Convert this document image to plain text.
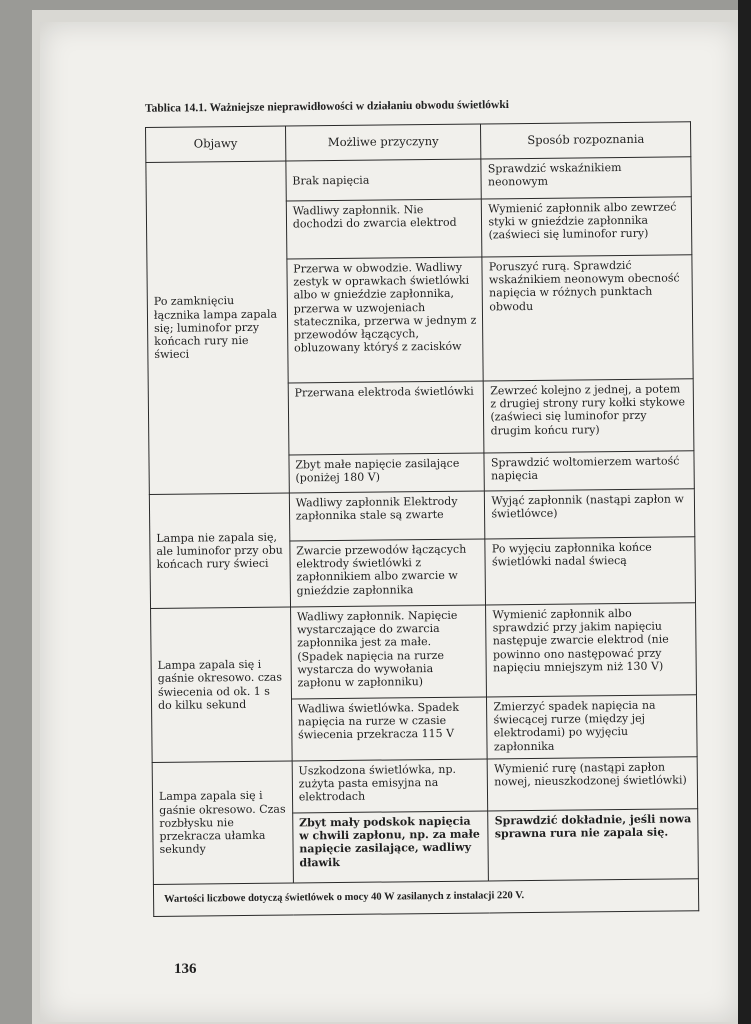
Tablica 14.1. Ważniejsze nieprawidłowości w działaniu obwodu świetlówki
Objawy	Możliwe przyczyny	Sposób rozpoznania
Po zamknięciu łącznika lampa zapala się; luminofor przy końcach rury nie świeci	Brak napięcia	Sprawdzić wskaźnikiem neonowym
	Wadliwy zapłonnik. Nie dochodzi do zwarcia elektrod	Wymienić zapłonnik albo zewrzeć styki w gnieździe zapłonnika (zaświeci się luminofor rury)
	Przerwa w obwodzie. Wadliwy zestyk w oprawkach świetlówki albo w gnieździe zapłonnika, przerwa w uzwojeniach statecznika, przerwa w jednym z przewodów łączących, obluzowany któryś z zacisków	Poruszyć rurą. Sprawdzić wskaźnikiem neonowym obecność napięcia w różnych punktach obwodu
	Przerwana elektroda świetlówki	Zewrzeć kolejno z jednej, a potem z drugiej strony rury kołki stykowe (zaświeci się luminofor przy drugim końcu rury)
	Zbyt małe napięcie zasilające (poniżej 180 V)	Sprawdzić woltomierzem wartość napięcia
Lampa nie zapala się, ale luminofor przy obu końcach rury świeci	Wadliwy zapłonnik Elektrody zapłonnika stale są zwarte	Wyjąć zapłonnik (nastąpi zapłon w świetlówce)
	Zwarcie przewodów łączących elektrody świetlówki z zapłonnikiem albo zwarcie w gnieździe zapłonnika	Po wyjęciu zapłonnika końce świetlówki nadal świecą
Lampa zapala się i gaśnie okresowo. czas świecenia od ok. 1 s do kilku sekund	Wadliwy zapłonnik. Napięcie wystarczające do zwarcia zapłonnika jest za małe. (Spadek napięcia na rurze wystarcza do wywołania zapłonu w zapłonniku)	Wymienić zapłonnik albo sprawdzić przy jakim napięciu następuje zwarcie elektrod (nie powinno ono następować przy napięciu mniejszym niż 130 V)
	Wadliwa świetlówka. Spadek napięcia na rurze w czasie świecenia przekracza 115 V	Zmierzyć spadek napięcia na świecącej rurze (między jej elektrodami) po wyjęciu zapłonnika
Lampa zapala się i gaśnie okresowo. Czas rozbłysku nie przekracza ułamka sekundy	Uszkodzona świetlówka, np. zużyta pasta emisyjna na elektrodach	Wymienić rurę (nastąpi zapłon nowej, nieuszkodzonej świetlówki)
	Zbyt mały podskok napięcia w chwili zapłonu, np. za małe napięcie zasilające, wadliwy dławik	Sprawdzić dokładnie, jeśli nowa sprawna rura nie zapala się.
Wartości liczbowe dotyczą świetlówek o mocy 40 W zasilanych z instalacji 220 V.		
136
